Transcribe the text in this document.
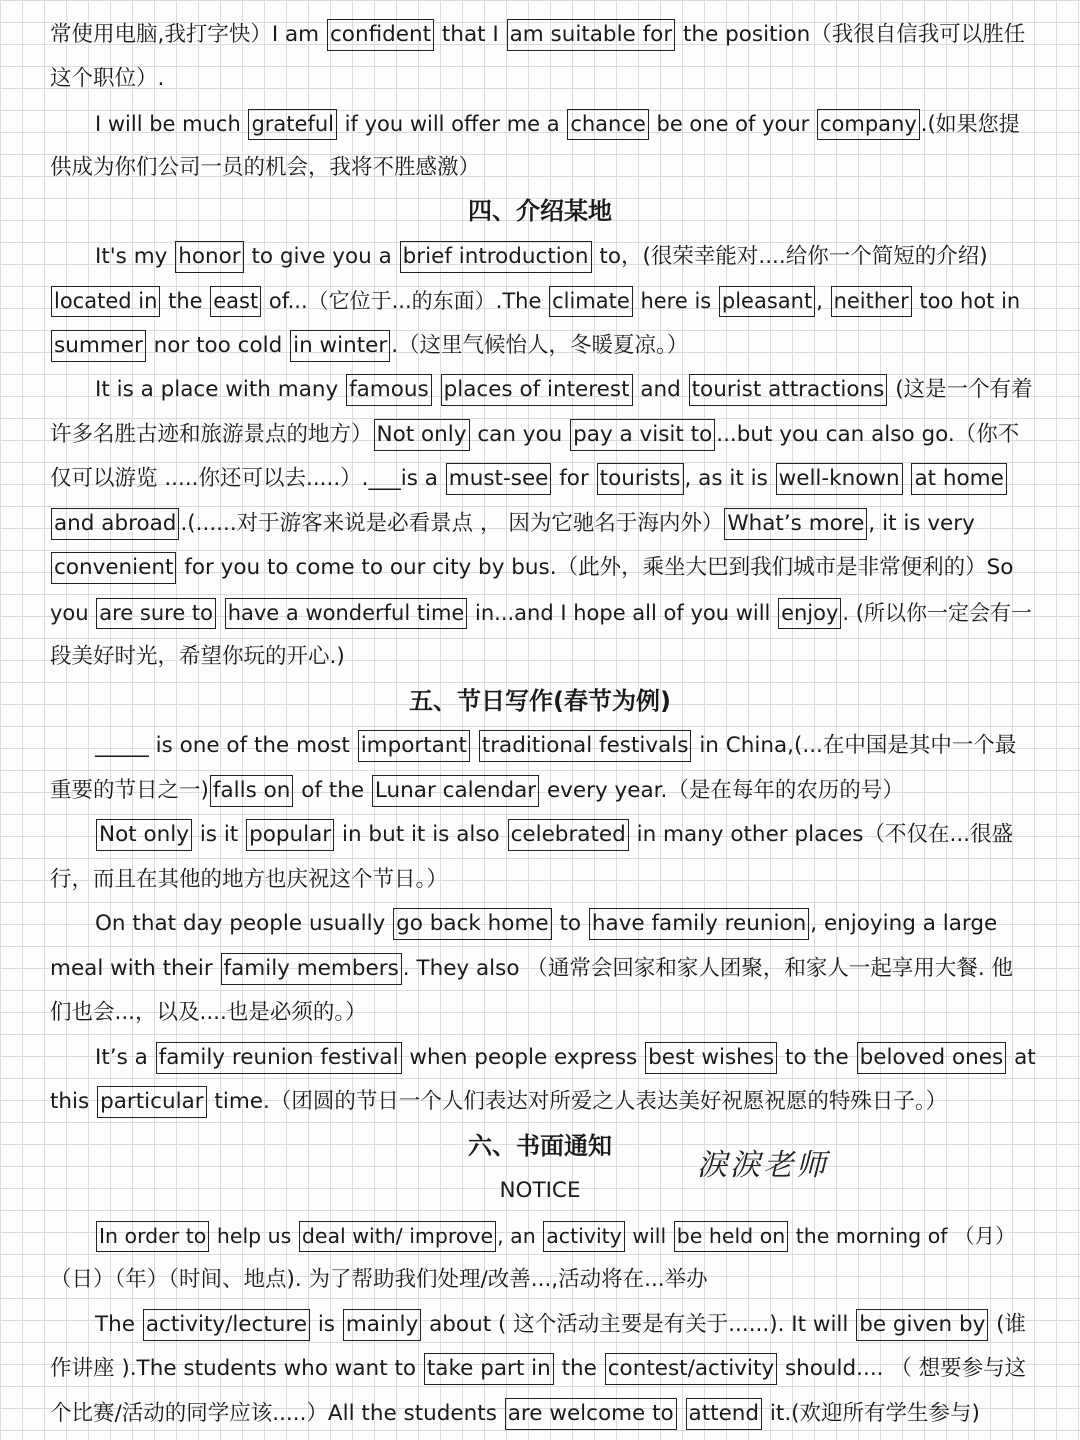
常使用电脑,我打字快）I am confident that I am suitable for the position（我很自信我可以胜任
这个职位）.
I will be much grateful if you will offer me a chance be one of your company .(如果您提
供成为你们公司一员的机会，我将不胜感激）
四、介绍某地
It's my honor to give you a brief introduction to，(很荣幸能对....给你一个简短的介绍)
located in the east of...（它位于...的东面）.The climate here is pleasant , neither too hot in
summer nor too cold in winter .（这里气候怡人，冬暖夏凉。）
It is a place with many famous places of interest and tourist attractions (这是一个有着
许多名胜古迹和旅游景点的地方） Not only can you pay a visit to ...but you can also go.（你不
仅可以游览 .....你还可以去.....）.___is a must-see for tourists , as it is well-known at home
and abroad .(......对于游客来说是必看景点 ， 因为它驰名于海内外） What’s more , it is very
convenient for you to come to our city by bus.（此外，乘坐大巴到我们城市是非常便利的）So
you are sure to have a wonderful time in...and I hope all of you will enjoy . (所以你一定会有一
段美好时光，希望你玩的开心.)
五、节日写作(春节为例)
_____ is one of the most important traditional festivals in China,(...在中国是其中一个最
重要的节日之一) falls on of the Lunar calendar every year.（是在每年的农历的号）
Not only is it popular in but it is also celebrated in many other places（不仅在...很盛
行，而且在其他的地方也庆祝这个节日。）
On that day people usually go back home to have family reunion , enjoying a large
meal with their family members . They also （通常会回家和家人团聚，和家人一起享用大餐. 他
们也会...，以及....也是必须的。）
It’s a family reunion festival when people express best wishes to the beloved ones at
this particular time.（团圆的节日一个人们表达对所爱之人表达美好祝愿祝愿的特殊日子。）
六、书面通知
淚淚老师
NOTICE
In order to help us deal with/ improve , an activity will be held on the morning of （月）
（日）（年）（时间、地点). 为了帮助我们处理/改善...,活动将在...举办
The activity/lecture is mainly about ( 这个活动主要是有关于......). It will be given by (谁
作讲座 ).The students who want to take part in the contest/activity should.... （ 想要参与这
个比赛/活动的同学应该.....）All the students are welcome to attend it.(欢迎所有学生参与)
